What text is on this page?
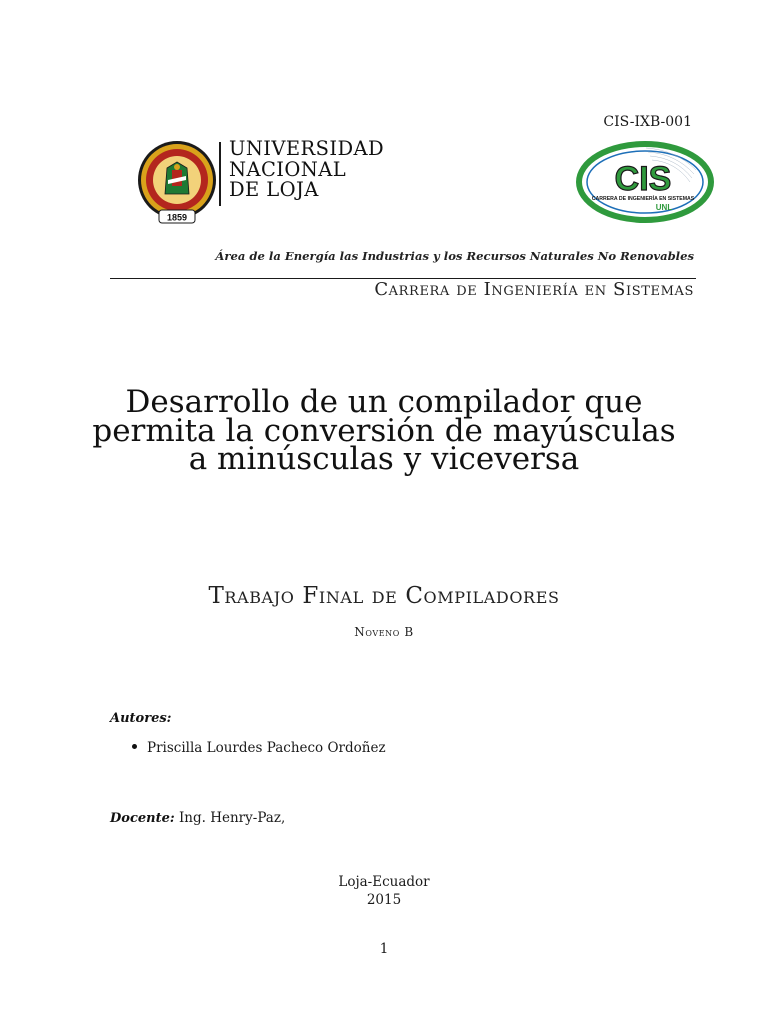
CIS-IXB-001
1859
UNIVERSIDAD
NACIONAL
DE LOJA	CIS
CARRERA DE INGENIERÍA EN SISTEMAS
UNL
Área de la Energía las Industrias y los Recursos Naturales No Renovables
Carrera de Ingeniería en Sistemas
Desarrollo de un compilador que
permita la conversión de mayúsculas
a minúsculas y viceversa
Trabajo Final de Compiladores
Noveno B
Autores:
Priscilla Lourdes Pacheco Ordoñez
Docente: Ing. Henry-Paz,
Loja-Ecuador
2015
1
